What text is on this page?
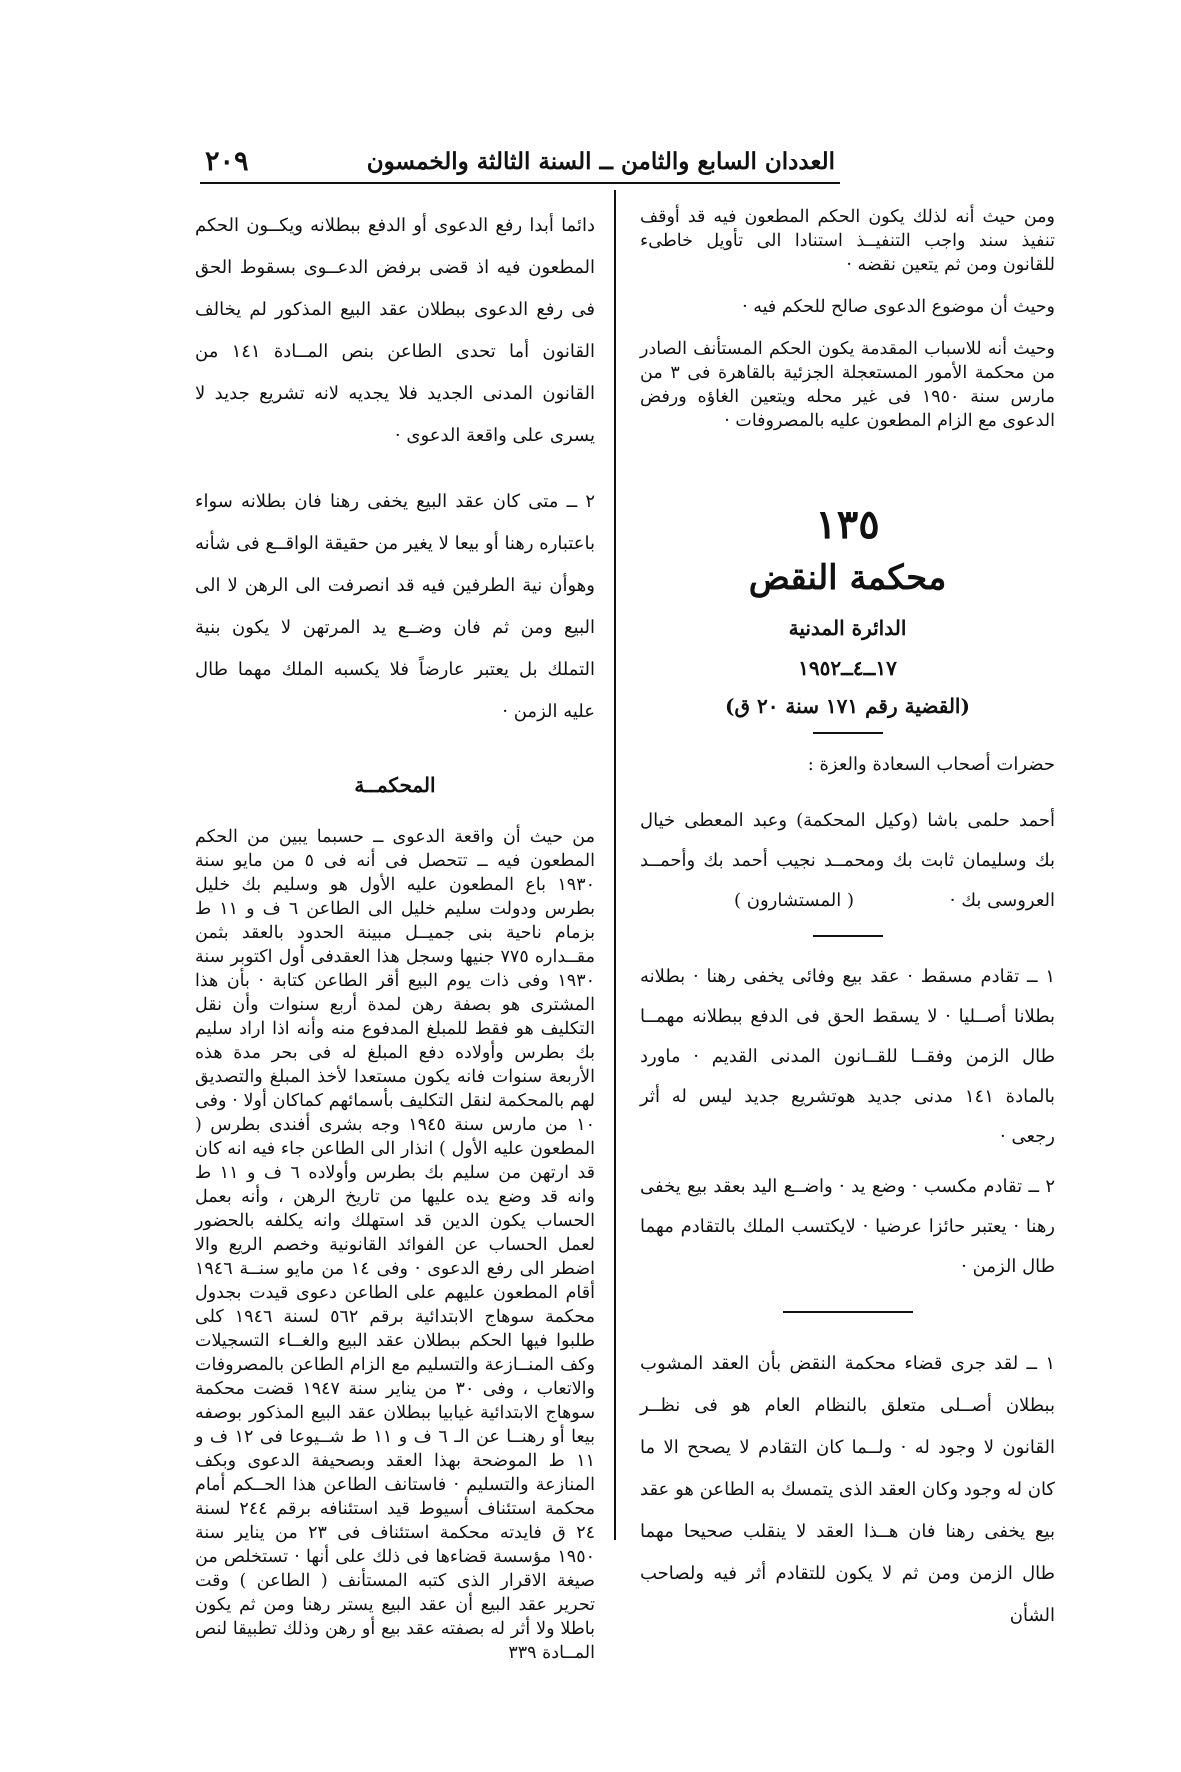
٢٠٩	العددان السابع والثامن ــ السنة الثالثة والخمسون

ومن حيث أنه لذلك يكون الحكم المطعون فيه قد أوقف تنفيذ سند واجب التنفيــذ استنادا الى تأويل خاطىء للقانون ومن ثم يتعين نقضه ·

وحيث أن موضوع الدعوى صالح للحكم فيه ·

وحيث أنه للاسباب المقدمة يكون الحكم المستأنف الصادر من محكمة الأمور المستعجلة الجزئية بالقاهرة فى ٣ من مارس سنة ١٩٥٠ فى غير محله ويتعين الغاؤه ورفض الدعوى مع الزام المطعون عليه بالمصروفات ·

١٣٥
محكمة النقض
الدائرة المدنية
١٧ــ٤ــ١٩٥٢
(القضية رقم ١٧١ سنة ٢٠ ق)

حضرات أصحاب السعادة والعزة :

أحمد حلمى باشا (وكيل المحكمة) وعبد المعطى خيال بك وسليمان ثابت بك ومحمــد نجيب أحمد بك وأحمــد العروسى بك · ( المستشارون )

١ ــ تقادم مسقط · عقد بيع وفائى يخفى رهنا · بطلانه بطلانا أصــليا · لا يسقط الحق فى الدفع ببطلانه مهمــا طال الزمن وفقــا للقــانون المدنى القديم · ماورد بالمادة ١٤١ مدنى جديد هوتشريع جديد ليس له أثر رجعى ·

٢ ــ تقادم مكسب · وضع يد · واضــع اليد بعقد بيع يخفى رهنا · يعتبر حائزا عرضيا · لايكتسب الملك بالتقادم مهما طال الزمن ·

١ ــ لقد جرى قضاء محكمة النقض بأن العقد المشوب ببطلان أصــلى متعلق بالنظام العام هو فى نظــر القانون لا وجود له · ولــما كان التقادم لا يصحح الا ما كان له وجود وكان العقد الذى يتمسك به الطاعن هو عقد بيع يخفى رهنا فان هــذا العقد لا ينقلب صحيحا مهما طال الزمن ومن ثم لا يكون للتقادم أثر فيه ولصاحب الشأن

دائما أبدا رفع الدعوى أو الدفع ببطلانه ويكــون الحكم المطعون فيه اذ قضى برفض الدعــوى بسقوط الحق فى رفع الدعوى ببطلان عقد البيع المذكور لم يخالف القانون أما تحدى الطاعن بنص المــادة ١٤١ من القانون المدنى الجديد فلا يجديه لانه تشريع جديد لا يسرى على واقعة الدعوى ·

٢ ــ متى كان عقد البيع يخفى رهنا فان بطلانه سواء باعتباره رهنا أو بيعا لا يغير من حقيقة الواقــع فى شأنه وهوأن نية الطرفين فيه قد انصرفت الى الرهن لا الى البيع ومن ثم فان وضــع يد المرتهن لا يكون بنية التملك بل يعتبر عارضاً فلا يكسبه الملك مهما طال عليه الزمن ·

المحكمــة

من حيث أن واقعة الدعوى ــ حسبما يبين من الحكم المطعون فيه ــ تتحصل فى أنه فى ٥ من مايو سنة ١٩٣٠ باع المطعون عليه الأول هو وسليم بك خليل بطرس ودولت سليم خليل الى الطاعن ٦ ف و ١١ ط بزمام ناحية بنى جميــل مبينة الحدود بالعقد بثمن مقــداره ٧٧٥ جنيها وسجل هذا العقدفى أول اكتوبر سنة ١٩٣٠ وفى ذات يوم البيع أقر الطاعن كتابة · بأن هذا المشترى هو بصفة رهن لمدة أربع سنوات وأن نقل التكليف هو فقط للمبلغ المدفوع منه وأنه اذا اراد سليم بك بطرس وأولاده دفع المبلغ له فى بحر مدة هذه الأربعة سنوات فانه يكون مستعدا لأخذ المبلغ والتصديق لهم بالمحكمة لنقل التكليف بأسمائهم كماكان أولا · وفى ١٠ من مارس سنة ١٩٤٥ وجه بشرى أفندى بطرس ( المطعون عليه الأول ) انذار الى الطاعن جاء فيه انه كان قد ارتهن من سليم بك بطرس وأولاده ٦ ف و ١١ ط وانه قد وضع يده عليها من تاريخ الرهن ، وأنه بعمل الحساب يكون الدين قد استهلك وانه يكلفه بالحضور لعمل الحساب عن الفوائد القانونية وخصم الريع والا اضطر الى رفع الدعوى · وفى ١٤ من مايو سنــة ١٩٤٦ أقام المطعون عليهم على الطاعن دعوى قيدت بجدول محكمة سوهاج الابتدائية برقم ٥٦٢ لسنة ١٩٤٦ كلى طلبوا فيها الحكم ببطلان عقد البيع والغــاء التسجيلات وكف المنــازعة والتسليم مع الزام الطاعن بالمصروفات والاتعاب ، وفى ٣٠ من يناير سنة ١٩٤٧ قضت محكمة سوهاج الابتدائية غيابيا ببطلان عقد البيع المذكور بوصفه بيعا أو رهنــا عن الـ ٦ ف و ١١ ط شــيوعا فى ١٢ ف و ١١ ط الموضحة بهذا العقد وبصحيفة الدعوى وبكف المنازعة والتسليم · فاستانف الطاعن هذا الحــكم أمام محكمة استئناف أسيوط قيد استئنافه برقم ٢٤٤ لسنة ٢٤ ق فايدته محكمة استئناف فى ٢٣ من يناير سنة ١٩٥٠ مؤسسة قضاءها فى ذلك على أنها · تستخلص من صيغة الاقرار الذى كتبه المستأنف ( الطاعن ) وقت تحرير عقد البيع أن عقد البيع يستر رهنا ومن ثم يكون باطلا ولا أثر له بصفته عقد بيع أو رهن وذلك تطبيقا لنص المــادة ٣٣٩
